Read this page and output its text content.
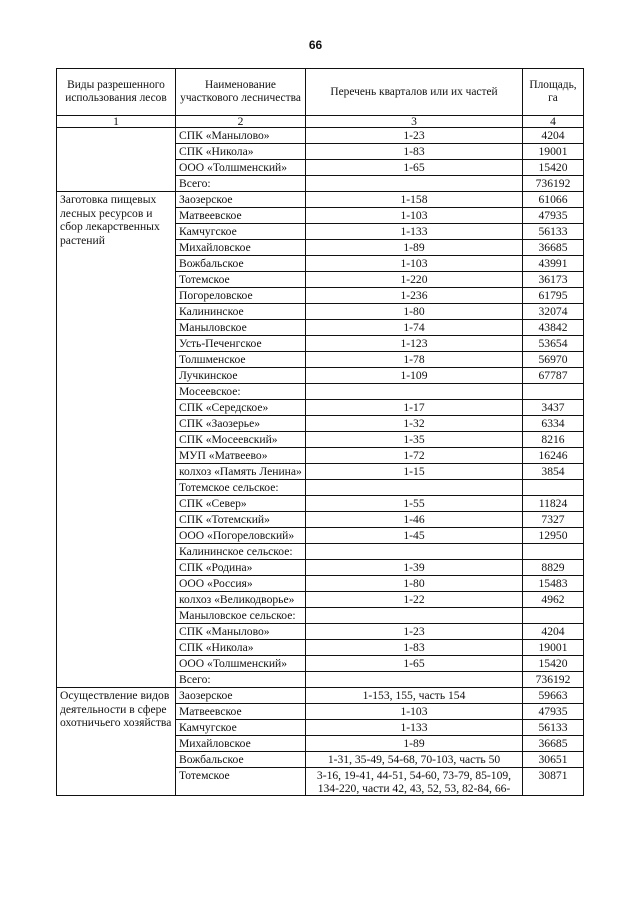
66
Виды разрешенного использования лесов	Наименование участкового лесничества	Перечень кварталов или их частей	Площадь, га
1	2	3	4
	СПК «Манылово»	1-23	4204
	СПК «Никола»	1-83	19001
	ООО «Толшменский»	1-65	15420
	Всего:		736192
Заготовка пищевых лесных ресурсов и сбор лекарственных растений	Заозерское	1-158	61066
	Матвеевское	1-103	47935
	Камчугское	1-133	56133
	Михайловское	1-89	36685
	Вожбальское	1-103	43991
	Тотемское	1-220	36173
	Погореловское	1-236	61795
	Калининское	1-80	32074
	Маныловское	1-74	43842
	Усть-Печенгское	1-123	53654
	Толшменское	1-78	56970
	Лучкинское	1-109	67787
	Мосеевское:		
	СПК «Середское»	1-17	3437
	СПК «Заозерье»	1-32	6334
	СПК «Мосеевский»	1-35	8216
	МУП «Матвеево»	1-72	16246
	колхоз «Память Ленина»	1-15	3854
	Тотемское сельское:		
	СПК «Север»	1-55	11824
	СПК «Тотемский»	1-46	7327
	ООО «Погореловский»	1-45	12950
	Калининское сельское:		
	СПК «Родина»	1-39	8829
	ООО «Россия»	1-80	15483
	колхоз «Великодворье»	1-22	4962
	Маныловское сельское:		
	СПК «Манылово»	1-23	4204
	СПК «Никола»	1-83	19001
	ООО «Толшменский»	1-65	15420
	Всего:		736192
Осуществление видов деятельности в сфере охотничьего хозяйства	Заозерское	1-153, 155, часть 154	59663
	Матвеевское	1-103	47935
	Камчугское	1-133	56133
	Михайловское	1-89	36685
	Вожбальское	1-31, 35-49, 54-68, 70-103, часть 50	30651
	Тотемское	3-16, 19-41, 44-51, 54-60, 73-79, 85-109, 134-220, части 42, 43, 52, 53, 82-84, 66-	30871
